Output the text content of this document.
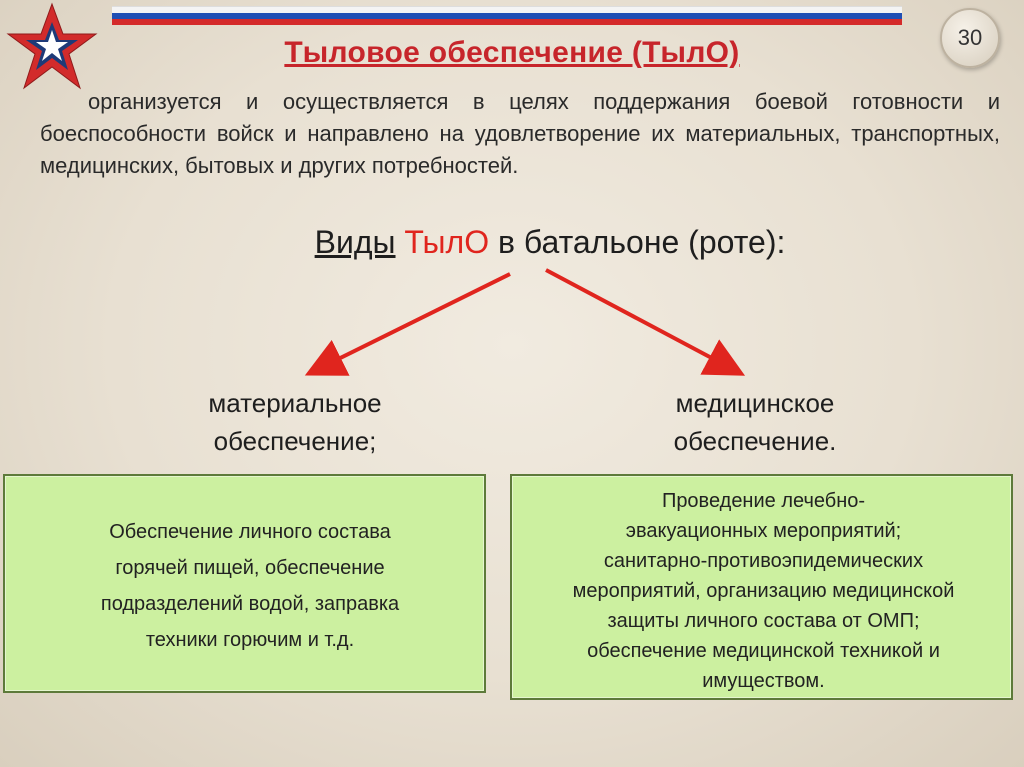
30
Тыловое обеспечение (ТылО)
организуется и осуществляется в целях поддержания боевой готовности и боеспособности войск и направлено на удовлетворение их материальных, транспортных, медицинских, бытовых и других потребностей.
Виды ТылО в батальоне (роте):
материальное
обеспечение;
медицинское
обеспечение.
Обеспечение личного состава
горячей пищей, обеспечение
подразделений водой, заправка
техники горючим и т.д.
Проведение лечебно-
эвакуационных мероприятий;
санитарно-противоэпидемических
мероприятий, организацию медицинской
защиты личного состава от ОМП;
обеспечение медицинской техникой и
имуществом.
